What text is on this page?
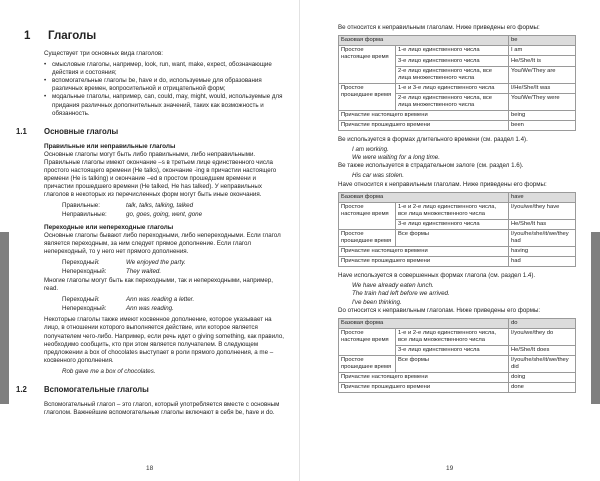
1	Глаголы

Существует три основных вида глаголов:

• смысловые глаголы, например, look, run, want, make, expect, обозначающие действия и состояния;
• вспомогательные глаголы be, have и do, используемые для образования различных времен, вопросительной и отрицательной форм;
• модальные глаголы, например, can, could, may, might, would, используемые для придания различных дополнительных значений, таких как возможность и обязанность.
1.1	Основные глаголы
Правильные или неправильные глаголы

Основные глаголы могут быть либо правильными, либо неправильными. Правильные глаголы имеют окончание –s в третьем лице единственного числа простого настоящего времени (He talks), окончание -ing в причастии настоящего времени (He is talking) и окончание –ed в простом прошедшем времени и причастии прошедшего времени (He talked, He has talked). У неправильных глаголов в некоторых из перечисленных форм могут быть иные окончания.

Правильные:	talk, talks, talking, talked
Неправильные:	go, goes, going, went, gone
Переходные или непереходные глаголы

Основные глаголы бывают либо переходными, либо непереходными. Если глагол является переходным, за ним следует прямое дополнение. Если глагол непереходный, то у него нет прямого дополнения.

Переходный:	We enjoyed the party.
Непереходный:	They waited.

Многие глаголы могут быть как переходными, так и непереходными, например, read.

Переходный:	Ann was reading a letter.
Непереходный:	Ann was reading.

Некоторые глаголы также имеют косвенное дополнение, которое указывает на лицо, в отношении которого выполняется действие, или которое является получателем чего-либо. Например, если речь идет о giving something, как правило, необходимо сообщить, кто при этом является получателем. В следующем предложении a box of chocolates выступает в роли прямого дополнения, а me – косвенного дополнения.

Rob gave me a box of chocolates.
1.2	Вспомогательные глаголы

Вспомогательный глагол – это глагол, который употребляется вместе с основным глаголом. Важнейшие вспомогательные глаголы включают в себя be, have и do.

18

Be относится к неправильным глаголам. Ниже приведены его формы:

Базовая форма		be
Простое настоящее время	1-е лицо единственного числа	I am
	3-е лицо единственного числа	He/She/It is
	2-е лицо единственного числа, все лица множественного числа	You/We/They are
Простое прошедшее время	1-е и 3-е лицо единственного числа	I/He/She/It was
	2-е лицо единственного числа, все лица множественного числа	You/We/They were
Причастие настоящего времени		being
Причастие прошедшего времени		been

Be используется в формах длительного времени (см. раздел 1.4).

I am working.
We were waiting for a long time.

Be также используется в страдательном залоге (см. раздел 1.6).

His car was stolen.

Have относится к неправильным глаголам. Ниже приведены его формы:

Базовая форма		have
Простое настоящее время	1-е и 2-е лицо единственного числа, все лица множественного числа	I/you/we/they have
	3-е лицо единственного числа	He/She/It has
Простое прошедшее время	Все формы	I/you/he/she/it/we/they had
Причастие настоящего времени		having
Причастие прошедшего времени		had

Have используется в совершенных формах глагола (см. раздел 1.4).

We have already eaten lunch.
The train had left before we arrived.
I've been thinking.

Do относится к неправильным глаголам. Ниже приведены его формы:

Базовая форма		do
Простое настоящее время	1-е и 2-е лицо единственного числа, все лица множественного числа	I/you/we/they do
	3-е лицо единственного числа	He/She/It does
Простое прошедшее время	Все формы	I/you/he/she/it/we/they did
Причастие настоящего времени		doing
Причастие прошедшего времени		done
19
